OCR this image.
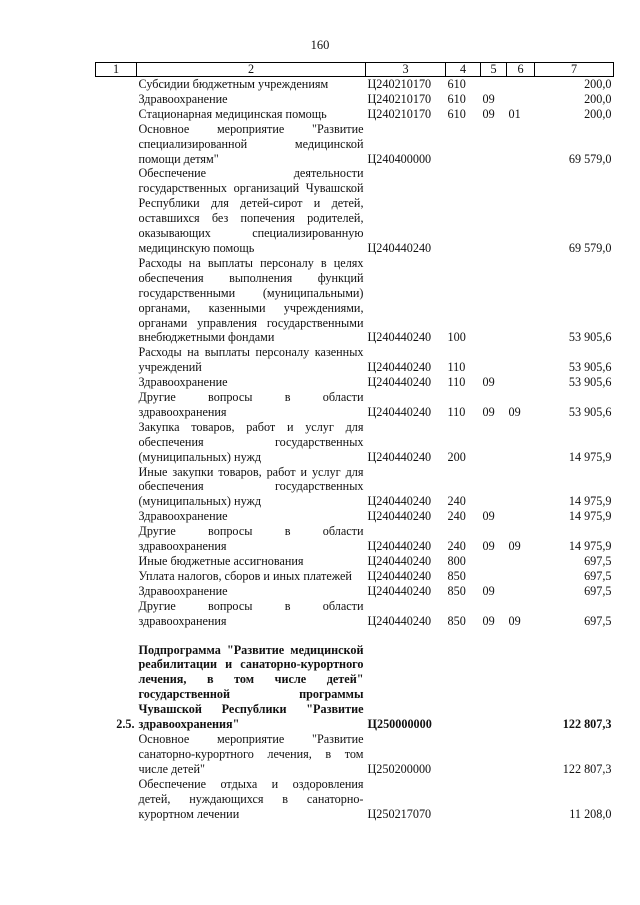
160
1	2	3	4	5	6	7
	Субсидии бюджетным учреждениям	Ц240210170	610			200,0
	Здравоохранение	Ц240210170	610	09		200,0
	Стационарная медицинская помощь	Ц240210170	610	09	01	200,0
	Основное мероприятие "Развитие специализированной медицинской помощи детям"	Ц240400000				69 579,0
	Обеспечение деятельности государственных организаций Чувашской Республики для детей-сирот и детей, оставшихся без попечения родителей, оказывающих специализированную медицинскую помощь	Ц240440240				69 579,0
	Расходы на выплаты персоналу в целях обеспечения выполнения функций государственными (муниципальными) органами, казенными учреждениями, органами управления государственными внебюджетными фондами	Ц240440240	100			53 905,6
	Расходы на выплаты персоналу казенных учреждений	Ц240440240	110			53 905,6
	Здравоохранение	Ц240440240	110	09		53 905,6
	Другие вопросы в области здравоохранения	Ц240440240	110	09	09	53 905,6
	Закупка товаров, работ и услуг для обеспечения государственных (муниципальных) нужд	Ц240440240	200			14 975,9
	Иные закупки товаров, работ и услуг для обеспечения государственных (муниципальных) нужд	Ц240440240	240			14 975,9
	Здравоохранение	Ц240440240	240	09		14 975,9
	Другие вопросы в области здравоохранения	Ц240440240	240	09	09	14 975,9
	Иные бюджетные ассигнования	Ц240440240	800			697,5
	Уплата налогов, сборов и иных платежей	Ц240440240	850			697,5
	Здравоохранение	Ц240440240	850	09		697,5
	Другие вопросы в области здравоохранения	Ц240440240	850	09	09	697,5

2.5.	Подпрограмма "Развитие медицинской реабилитации и санаторно-курортного лечения, в том числе детей" государственной программы Чувашской Республики "Развитие здравоохранения"	Ц250000000				122 807,3
	Основное мероприятие "Развитие санаторно-курортного лечения, в том числе детей"	Ц250200000				122 807,3
	Обеспечение отдыха и оздоровления детей, нуждающихся в санаторно-курортном лечении	Ц250217070				11 208,0
